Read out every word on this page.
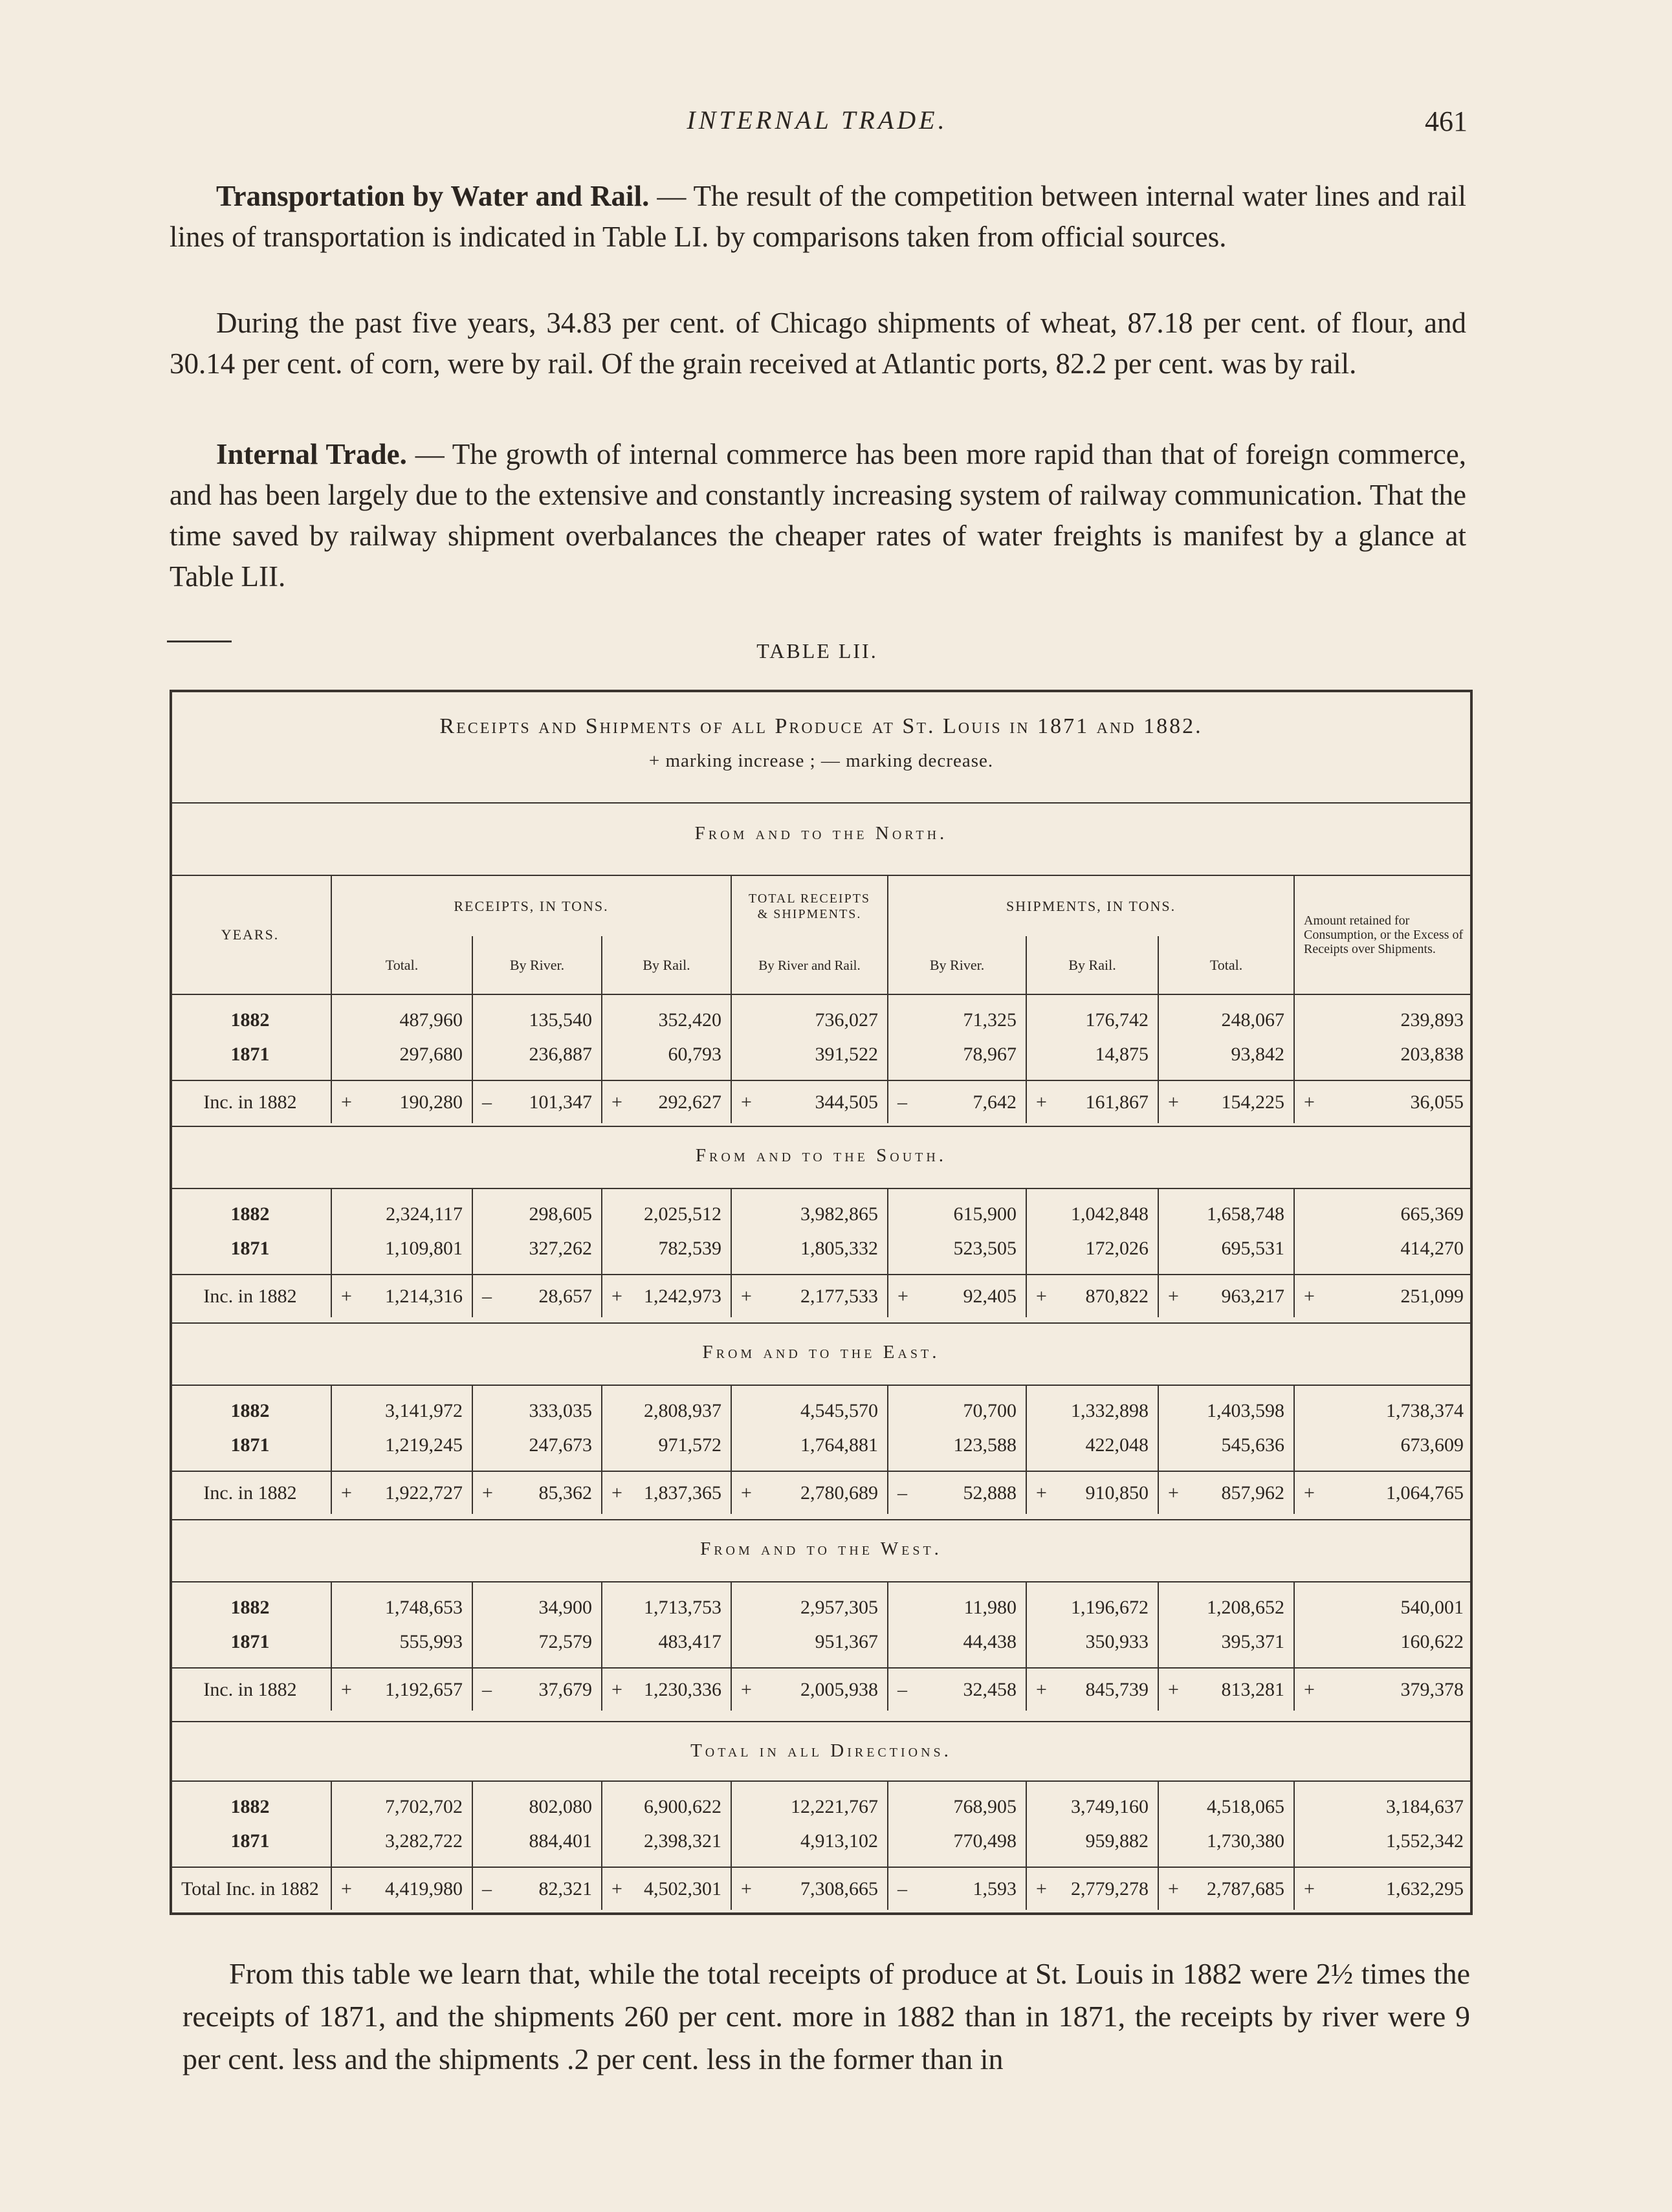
INTERNAL TRADE.	461
Transportation by Water and Rail. — The result of the competition between internal water lines and rail lines of transportation is indicated in Table LI. by comparisons taken from official sources.
During the past five years, 34.83 per cent. of Chicago shipments of wheat, 87.18 per cent. of flour, and 30.14 per cent. of corn, were by rail. Of the grain received at Atlantic ports, 82.2 per cent. was by rail.
Internal Trade. — The growth of internal commerce has been more rapid than that of foreign commerce, and has been largely due to the extensive and constantly increasing system of railway communication. That the time saved by railway shipment overbalances the cheaper rates of water freights is manifest by a glance at Table LII.
TABLE LII.
Receipts and Shipments of all Produce at St. Louis in 1871 and 1882.
+ marking increase ; — marking decrease.
From and to the North.
YEARS.	RECEIPTS, IN TONS.			TOTAL RECEIPTS & SHIPMENTS.	SHIPMENTS, IN TONS.			Amount retained for Consumption, or the Excess of Receipts over Shipments.
	Total.	By River.	By Rail.	By River and Rail.	By River.	By Rail.	Total.	
1882	487,960	135,540	352,420	736,027	71,325	176,742	248,067	239,893
1871	297,680	236,887	60,793	391,522	78,967	14,875	93,842	203,838

Inc. in 1882	+ 190,280	– 101,347	+ 292,627	+ 344,505	– 7,642	+ 161,867	+ 154,225	+ 36,055
From and to the South.
1882	2,324,117	298,605	2,025,512	3,982,865	615,900	1,042,848	1,658,748	665,369
1871	1,109,801	327,262	782,539	1,805,332	523,505	172,026	695,531	414,270

Inc. in 1882	+ 1,214,316	– 28,657	+ 1,242,973	+ 2,177,533	+ 92,405	+ 870,822	+ 963,217	+ 251,099
From and to the East.
1882	3,141,972	333,035	2,808,937	4,545,570	70,700	1,332,898	1,403,598	1,738,374
1871	1,219,245	247,673	971,572	1,764,881	123,588	422,048	545,636	673,609

Inc. in 1882	+ 1,922,727	+ 85,362	+ 1,837,365	+ 2,780,689	– 52,888	+ 910,850	+ 857,962	+ 1,064,765
From and to the West.
1882	1,748,653	34,900	1,713,753	2,957,305	11,980	1,196,672	1,208,652	540,001
1871	555,993	72,579	483,417	951,367	44,438	350,933	395,371	160,622

Inc. in 1882	+ 1,192,657	– 37,679	+ 1,230,336	+ 2,005,938	– 32,458	+ 845,739	+ 813,281	+ 379,378
Total in all Directions.
1882	7,702,702	802,080	6,900,622	12,221,767	768,905	3,749,160	4,518,065	3,184,637
1871	3,282,722	884,401	2,398,321	4,913,102	770,498	959,882	1,730,380	1,552,342

Total Inc. in 1882	+ 4,419,980	– 82,321	+ 4,502,301	+ 7,308,665	– 1,593	+ 2,779,278	+ 2,787,685	+ 1,632,295
From this table we learn that, while the total receipts of produce at St. Louis in 1882 were 2½ times the receipts of 1871, and the shipments 260 per cent. more in 1882 than in 1871, the receipts by river were 9 per cent. less and the shipments .2 per cent. less in the former than in
